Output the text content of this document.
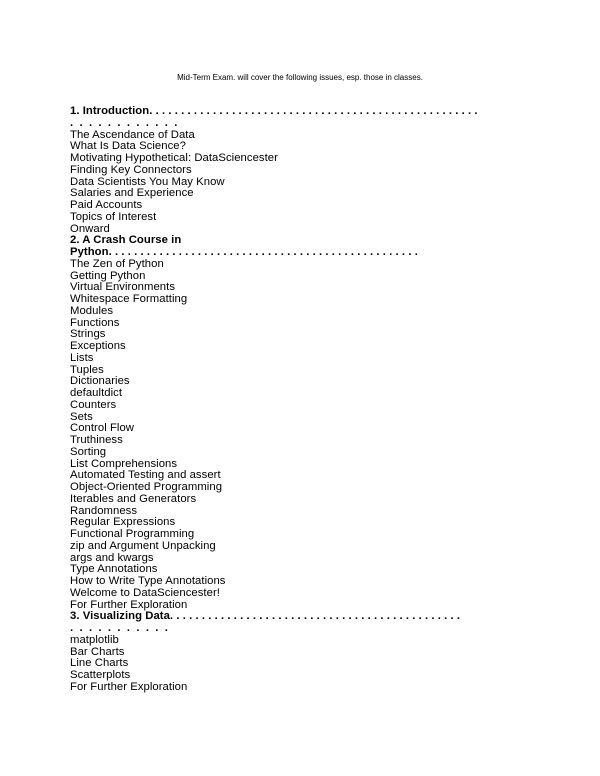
Mid-Term Exam. will cover the following issues, esp. those in classes.
1. Introduction. . . . . . . . . . . . . . . . . . . . . . . . . . . . . . . . . . . . . . . . . . . . . . . . . . . .
. . . . . . . . . . . .
The Ascendance of Data
What Is Data Science?
Motivating Hypothetical: DataSciencester
Finding Key Connectors
Data Scientists You May Know
Salaries and Experience
Paid Accounts
Topics of Interest
Onward
2. A Crash Course in
Python. . . . . . . . . . . . . . . . . . . . . . . . . . . . . . . . . . . . . . . . . . . . . . . . .
The Zen of Python
Getting Python
Virtual Environments
Whitespace Formatting
Modules
Functions
Strings
Exceptions
Lists
Tuples
Dictionaries
defaultdict
Counters
Sets
Control Flow
Truthiness
Sorting
List Comprehensions
Automated Testing and assert
Object-Oriented Programming
Iterables and Generators
Randomness
Regular Expressions
Functional Programming
zip and Argument Unpacking
args and kwargs
Type Annotations
How to Write Type Annotations
Welcome to DataSciencester!
For Further Exploration
3. Visualizing Data. . . . . . . . . . . . . . . . . . . . . . . . . . . . . . . . . . . . . . . . . . . . . .
. . . . . . . . . . .
matplotlib
Bar Charts
Line Charts
Scatterplots
For Further Exploration
